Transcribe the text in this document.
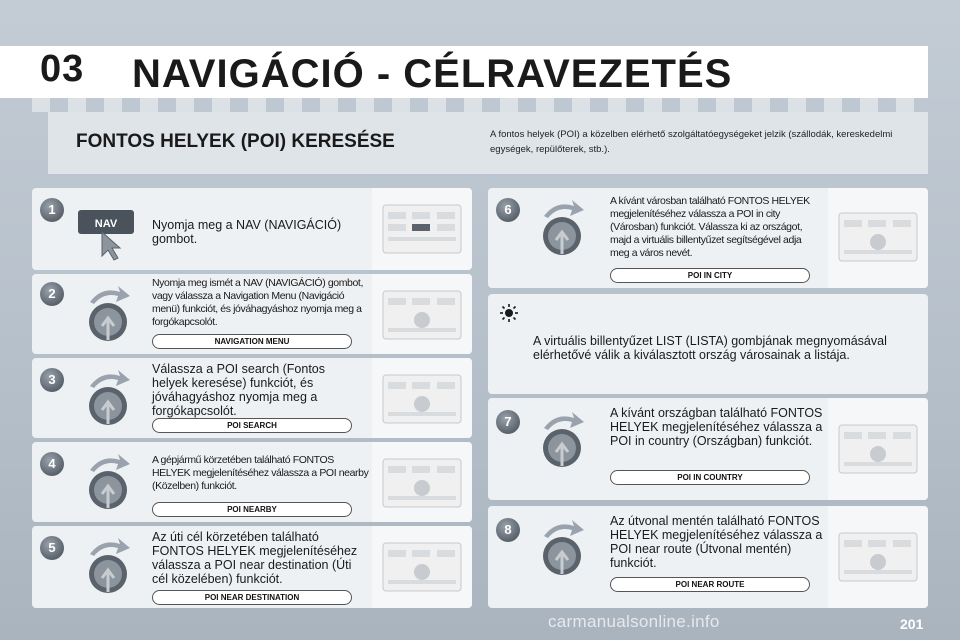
03	NAVIGÁCIÓ - CÉLRAVEZETÉS
FONTOS HELYEK (POI) KERESÉSE	A fontos helyek (POI) a közelben elérhető szolgáltatóegységeket jelzik (szállodák, kereskedelmi egységek, repülőterek, stb.).
1
NAV	Nyomja meg a NAV (NAVIGÁCIÓ) gombot.
2
Nyomja meg ismét a NAV (NAVIGÁCIÓ) gombot, vagy válassza a Navigation Menu (Navigáció menü) funkciót, és jóváhagyáshoz nyomja meg a forgókapcsolót.
NAVIGATION MENU
3
Válassza a POI search (Fontos helyek keresése) funkciót, és jóváhagyáshoz nyomja meg a forgókapcsolót.
POI SEARCH
4	A gépjármű körzetében található FONTOS HELYEK megjelenítéséhez válassza a POI nearby (Közelben) funkciót.
POI NEARBY
5
Az úti cél körzetében található FONTOS HELYEK megjelenítéséhez válassza a POI near destination (Úti cél közelében) funkciót.
POI NEAR DESTINATION
6
A kívánt városban található FONTOS HELYEK megjelenítéséhez válassza a POI in city (Városban) funkciót. Válassza ki az országot, majd a virtuális billentyűzet segítségével adja meg a város nevét.
POI IN CITY
A virtuális billentyűzet LIST (LISTA) gombjának megnyomásával elérhetővé válik a kiválasztott ország városainak a listája.
7
A kívánt országban található FONTOS HELYEK megjelenítéséhez válassza a POI in country (Országban) funkciót.
POI IN COUNTRY
8
Az útvonal mentén található FONTOS HELYEK megjelenítéséhez válassza a POI near route (Útvonal mentén) funkciót.
POI NEAR ROUTE
carmanualsonline.info	201
